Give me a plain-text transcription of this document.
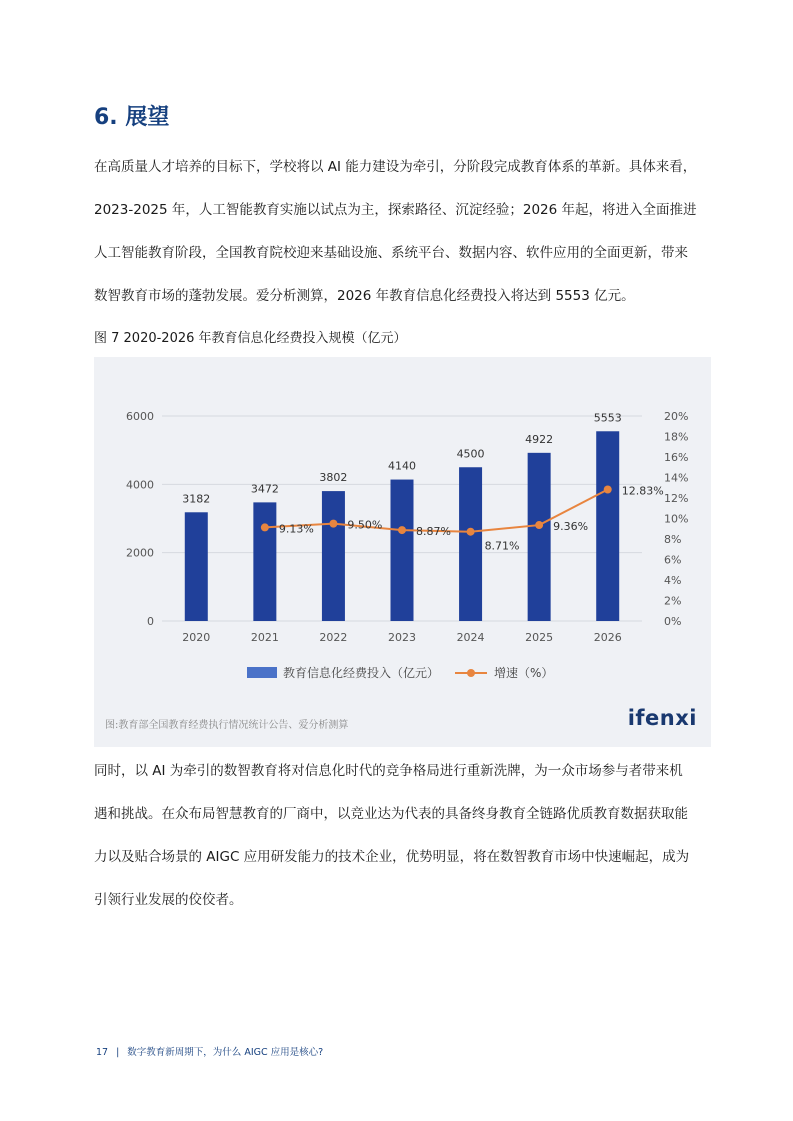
6. 展望
在高质量人才培养的目标下，学校将以 AI 能力建设为牵引，分阶段完成教育体系的革新。具体来看，
2023-2025 年，人工智能教育实施以试点为主，探索路径、沉淀经验；2026 年起，将进入全面推进
人工智能教育阶段，全国教育院校迎来基础设施、系统平台、数据内容、软件应用的全面更新，带来
数智教育市场的蓬勃发展。爱分析测算，2026 年教育信息化经费投入将达到 5553 亿元。

图 7 2020-2026 年教育信息化经费投入规模（亿元）

0
2000
4000
6000
0%
2%
4%
6%
8%
10%
12%
14%
16%
18%
20%
3182
2020
3472
2021
3802
2022
4140
2023
4500
2024
4922
2025
5553
2026
9.13%	9.50%	8.87%
8.71%
9.36%
12.83%
教育信息化经费投入（亿元）	增速（%）
图:教育部全国教育经费执行情况统计公告、爱分析测算	ifenxi
同时，以 AI 为牵引的数智教育将对信息化时代的竞争格局进行重新洗牌，为一众市场参与者带来机
遇和挑战。在众布局智慧教育的厂商中，以竞业达为代表的具备终身教育全链路优质教育数据获取能
力以及贴合场景的 AIGC 应用研发能力的技术企业，优势明显，将在数智教育市场中快速崛起，成为
引领行业发展的佼佼者。
17 | 数字教育新周期下，为什么 AIGC 应用是核心?
